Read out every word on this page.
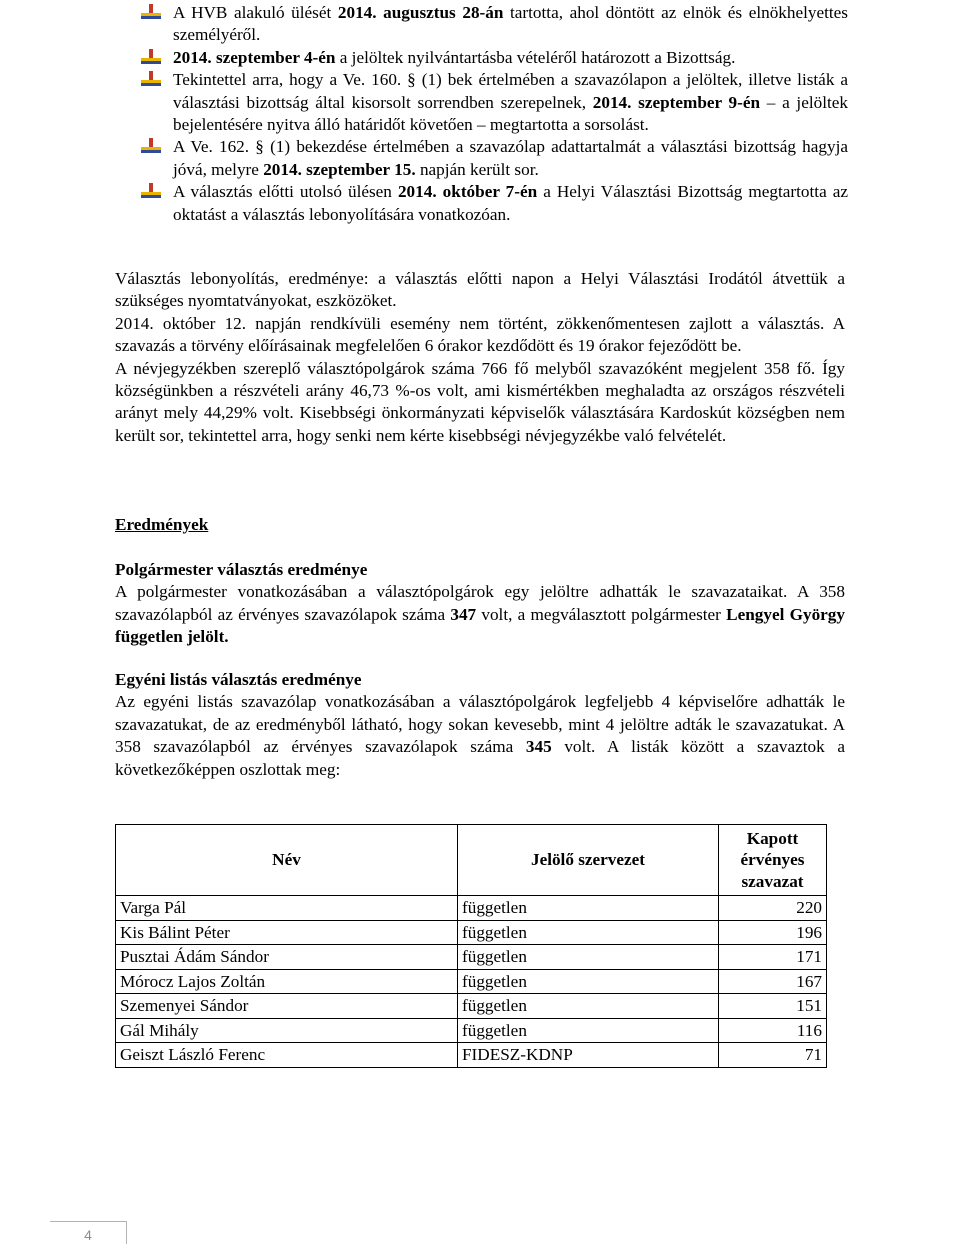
A HVB alakuló ülését 2014. augusztus 28-án tartotta, ahol döntött az elnök és elnökhelyettes személyéről.
2014. szeptember 4-én a jelöltek nyilvántartásba vételéről határozott a Bizottság.
Tekintettel arra, hogy a Ve. 160. § (1) bek értelmében a szavazólapon a jelöltek, illetve listák a választási bizottság által kisorsolt sorrendben szerepelnek, 2014. szeptember 9-én – a jelöltek bejelentésére nyitva álló határidőt követően – megtartotta a sorsolást.
A Ve. 162. § (1) bekezdése értelmében a szavazólap adattartalmát a választási bizottság hagyja jóvá, melyre 2014. szeptember 15. napján került sor.
A választás előtti utolsó ülésen 2014. október 7-én a Helyi Választási Bizottság megtartotta az oktatást a választás lebonyolítására vonatkozóan.

Választás lebonyolítás, eredménye: a választás előtti napon a Helyi Választási Irodától átvettük a szükséges nyomtatványokat, eszközöket.

2014. október 12. napján rendkívüli esemény nem történt, zökkenőmentesen zajlott a választás. A szavazás a törvény előírásainak megfelelően 6 órakor kezdődött és 19 órakor fejeződött be.

A névjegyzékben szereplő választópolgárok száma 766 fő melyből szavazóként megjelent 358 fő. Így községünkben a részvételi arány 46,73 %-os volt, ami kismértékben meghaladta az országos részvételi arányt mely 44,29% volt. Kisebbségi önkormányzati képviselők választására Kardoskút községben nem került sor, tekintettel arra, hogy senki nem kérte kisebbségi névjegyzékbe való felvételét.

Eredmények
Polgármester választás eredménye

A polgármester vonatkozásában a választópolgárok egy jelöltre adhatták le szavazataikat. A 358 szavazólapból az érvényes szavazólapok száma 347 volt, a megválasztott polgármester Lengyel György független jelölt.

Egyéni listás választás eredménye

Az egyéni listás szavazólap vonatkozásában a választópolgárok legfeljebb 4 képviselőre adhatták le szavazatukat, de az eredményből látható, hogy sokan kevesebb, mint 4 jelöltre adták le szavazatukat. A 358 szavazólapból az érvényes szavazólapok száma 345 volt. A listák között a szavaztok a következőképpen oszlottak meg:

Név	Jelölő szervezet	Kapott érvényes szavazat
Varga Pál	független	220
Kis Bálint Péter	független	196
Pusztai Ádám Sándor	független	171
Mórocz Lajos Zoltán	független	167
Szemenyei Sándor	független	151
Gál Mihály	független	116
Geiszt László Ferenc	FIDESZ-KDNP	71
4
